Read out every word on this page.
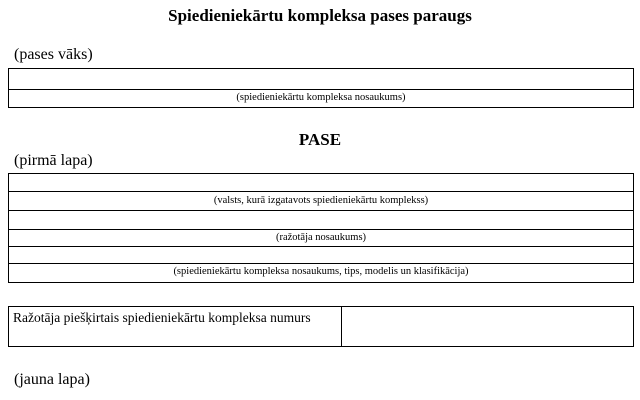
Spiedieniekārtu kompleksa pases paraugs
(pases vāks)
(spiedieniekārtu kompleksa nosaukums)
PASE
(pirmā lapa)
(valsts, kurā izgatavots spiedieniekārtu komplekss)
(ražotāja nosaukums)
(spiedieniekārtu kompleksa nosaukums, tips, modelis un klasifikācija)
Ražotāja piešķirtais spiedieniekārtu kompleksa numurs
(jauna lapa)
